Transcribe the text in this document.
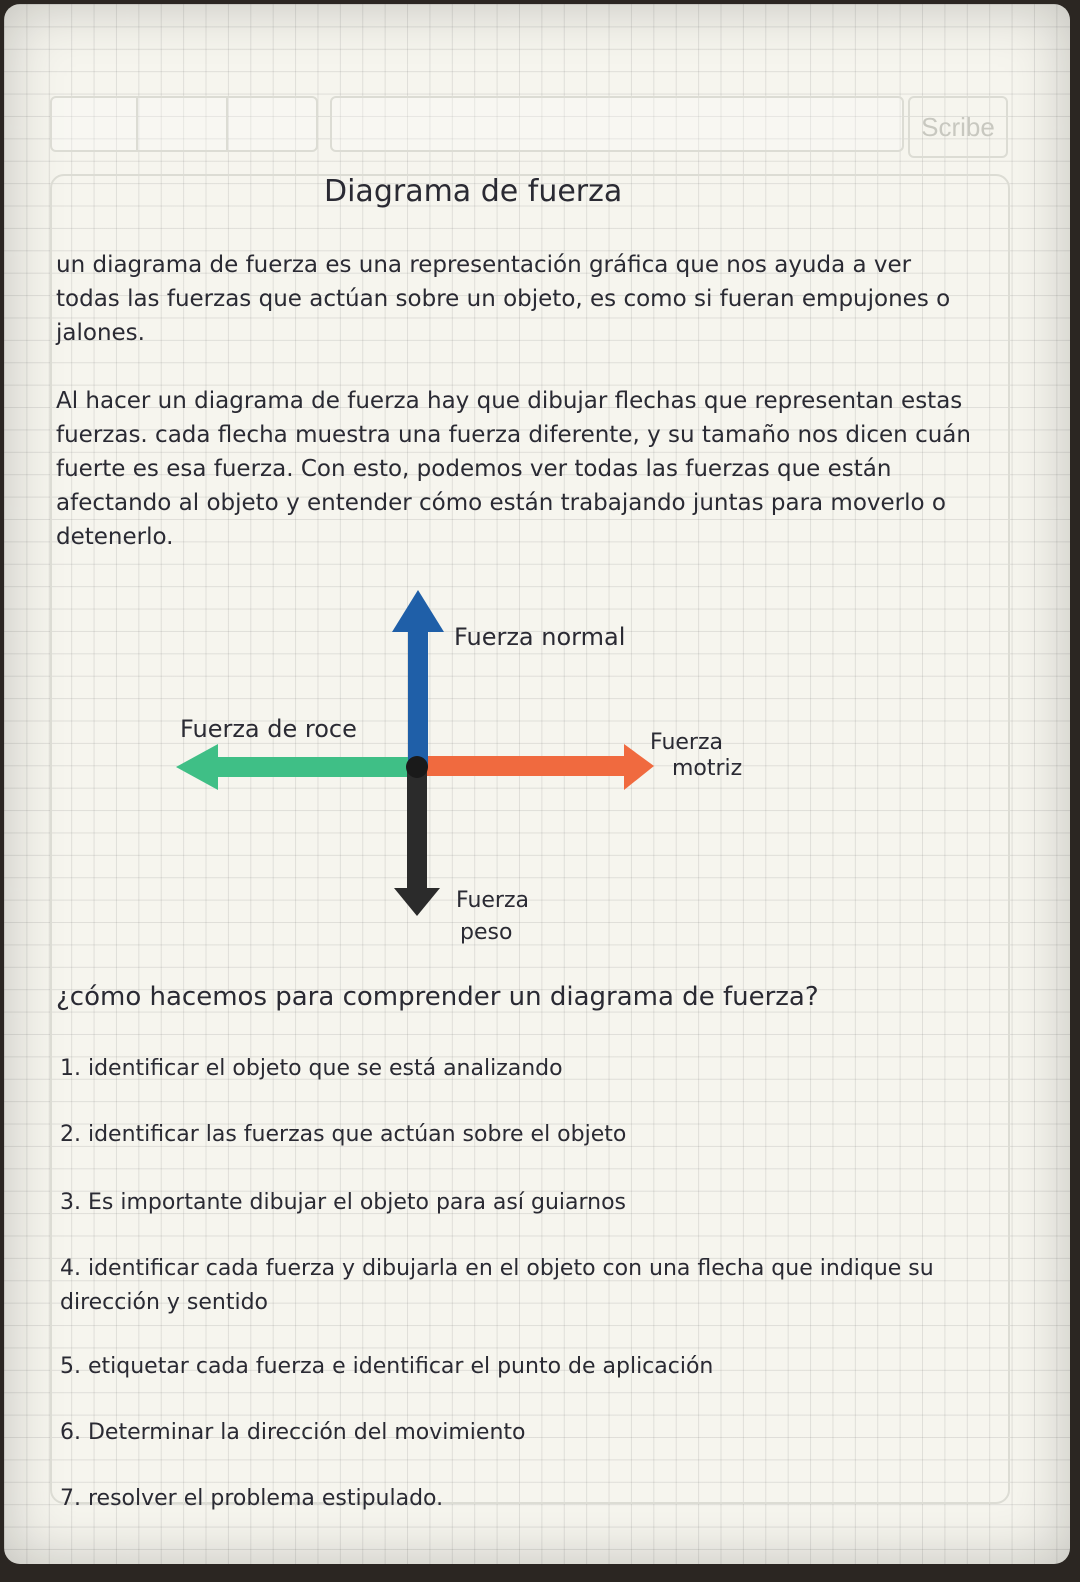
Scribe

Diagrama de fuerza

un diagrama de fuerza es una representación gráfica que nos ayuda a ver todas las fuerzas que actúan sobre un objeto, es como si fueran empujones o jalones.

Al hacer un diagrama de fuerza hay que dibujar flechas que representan estas fuerzas. cada flecha muestra una fuerza diferente, y su tamaño nos dicen cuán fuerte es esa fuerza. Con esto, podemos ver todas las fuerzas que están afectando al objeto y entender cómo están trabajando juntas para moverlo o detenerlo.

Fuerza normal

Fuerza de roce	Fuerza

motriz

Fuerza

peso

¿cómo hacemos para comprender un diagrama de fuerza?

1. identificar el objeto que se está analizando

2. identificar las fuerzas que actúan sobre el objeto

3. Es importante dibujar el objeto para así guiarnos

4. identificar cada fuerza y dibujarla en el objeto con una flecha que indique su dirección y sentido

5. etiquetar cada fuerza e identificar el punto de aplicación

6. Determinar la dirección del movimiento

7. resolver el problema estipulado.
